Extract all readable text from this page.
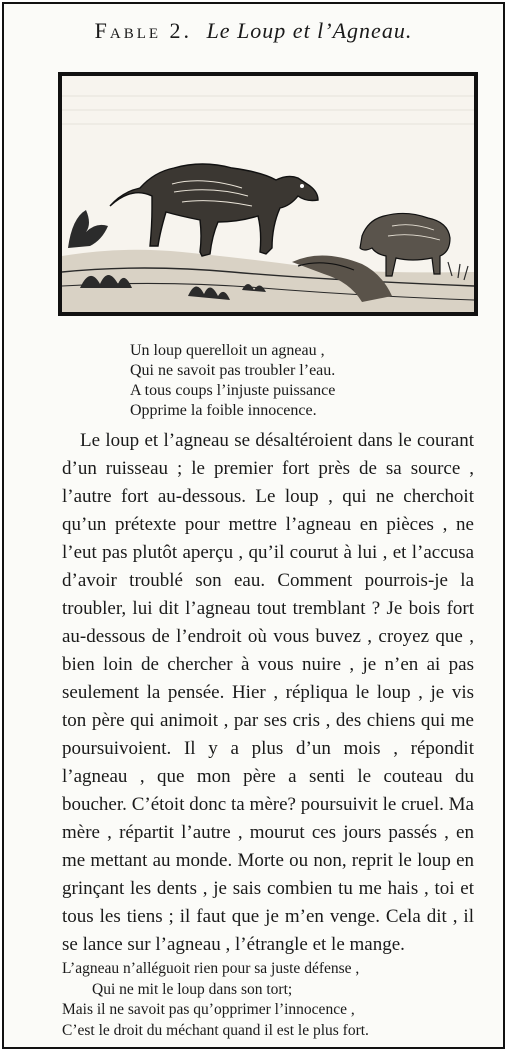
Fable 2. Le Loup et l’Agneau.
Un loup querelloit un agneau ,
Qui ne savoit pas troubler l’eau.
A tous coups l’injuste puissance
Opprime la foible innocence.
Le loup et l’agneau se désaltéroient dans le courant d’un ruisseau ; le premier fort près de sa source , l’autre fort au-dessous. Le loup , qui ne cherchoit qu’un prétexte pour mettre l’agneau en pièces , ne l’eut pas plutôt aperçu , qu’il courut à lui , et l’accusa d’avoir troublé son eau. Comment pourrois-je la troubler, lui dit l’agneau tout tremblant ? Je bois fort au-dessous de l’endroit où vous buvez , croyez que , bien loin de chercher à vous nuire , je n’en ai pas seulement la pensée. Hier , répliqua le loup , je vis ton père qui animoit , par ses cris , des chiens qui me poursuivoient. Il y a plus d’un mois , répondit l’agneau , que mon père a senti le couteau du boucher. C’étoit donc ta mère? poursuivit le cruel. Ma mère , répartit l’autre , mourut ces jours passés , en me mettant au monde. Morte ou non, reprit le loup en grinçant les dents , je sais combien tu me hais , toi et tous les tiens ; il faut que je m’en venge. Cela dit , il se lance sur l’agneau , l’étrangle et le mange.
L’agneau n’alléguoit rien pour sa juste défense ,
Qui ne mit le loup dans son tort;
Mais il ne savoit pas qu’opprimer l’innocence ,
C’est le droit du méchant quand il est le plus fort.
